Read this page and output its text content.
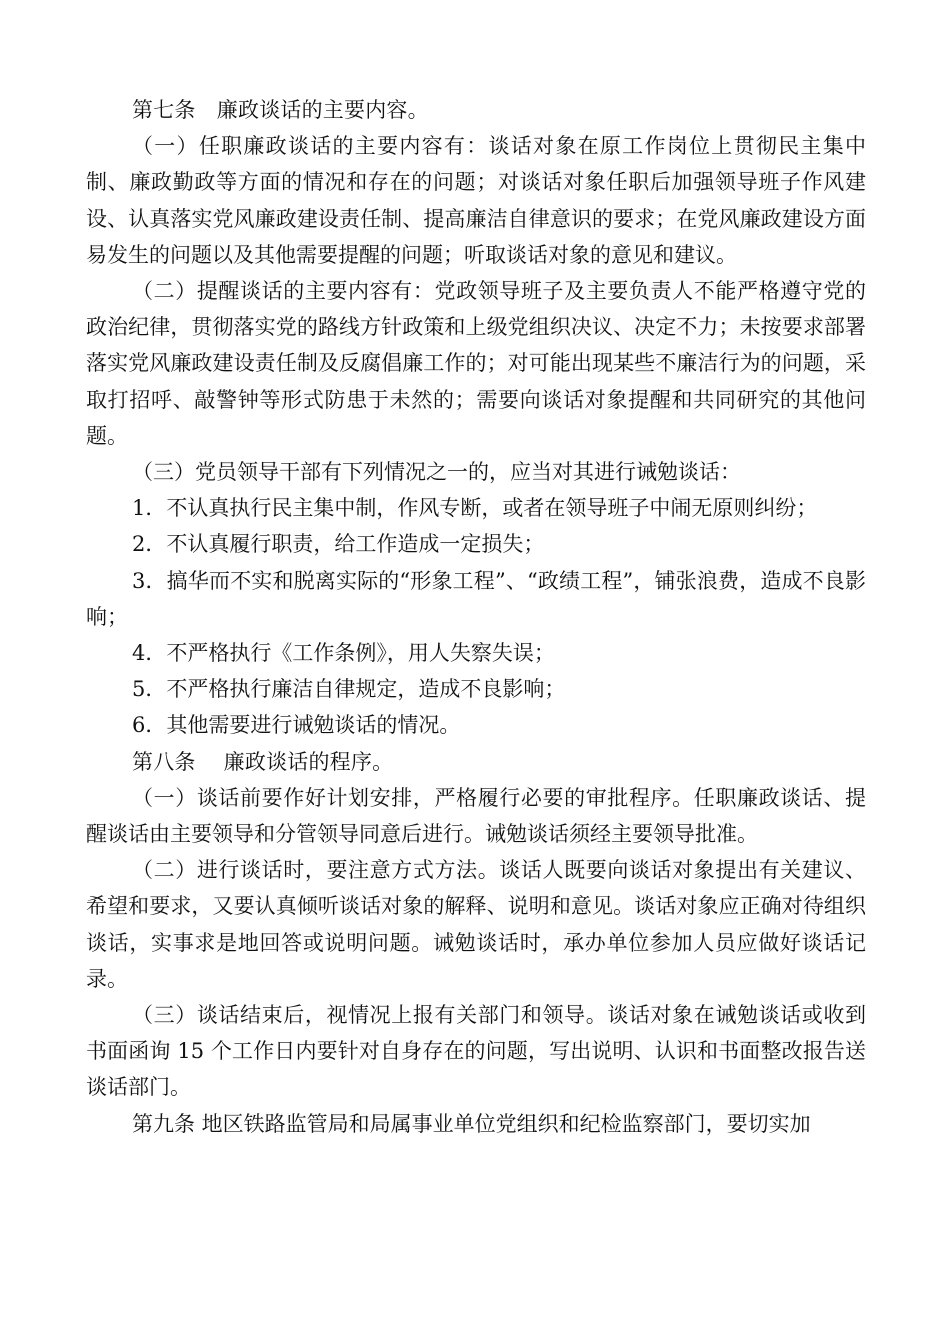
第七条　廉政谈话的主要内容。

（一）任职廉政谈话的主要内容有：谈话对象在原工作岗位上贯彻民主集中制、廉政勤政等方面的情况和存在的问题；对谈话对象任职后加强领导班子作风建设、认真落实党风廉政建设责任制、提高廉洁自律意识的要求；在党风廉政建设方面易发生的问题以及其他需要提醒的问题；听取谈话对象的意见和建议。

（二）提醒谈话的主要内容有：党政领导班子及主要负责人不能严格遵守党的政治纪律，贯彻落实党的路线方针政策和上级党组织决议、决定不力；未按要求部署落实党风廉政建设责任制及反腐倡廉工作的；对可能出现某些不廉洁行为的问题，采取打招呼、敲警钟等形式防患于未然的；需要向谈话对象提醒和共同研究的其他问题。

（三）党员领导干部有下列情况之一的，应当对其进行诫勉谈话：

1．不认真执行民主集中制，作风专断，或者在领导班子中闹无原则纠纷；

2．不认真履行职责，给工作造成一定损失；

3．搞华而不实和脱离实际的“形象工程”、“政绩工程”，铺张浪费，造成不良影响；

4．不严格执行《工作条例》，用人失察失误；

5．不严格执行廉洁自律规定，造成不良影响；

6．其他需要进行诫勉谈话的情况。

第八条　 廉政谈话的程序。

（一）谈话前要作好计划安排，严格履行必要的审批程序。任职廉政谈话、提醒谈话由主要领导和分管领导同意后进行。诫勉谈话须经主要领导批准。

（二）进行谈话时，要注意方式方法。谈话人既要向谈话对象提出有关建议、希望和要求，又要认真倾听谈话对象的解释、说明和意见。谈话对象应正确对待组织谈话，实事求是地回答或说明问题。诫勉谈话时，承办单位参加人员应做好谈话记录。

（三）谈话结束后，视情况上报有关部门和领导。谈话对象在诫勉谈话或收到书面函询 15 个工作日内要针对自身存在的问题，写出说明、认识和书面整改报告送谈话部门。

第九条 地区铁路监管局和局属事业单位党组织和纪检监察部门，要切实加
